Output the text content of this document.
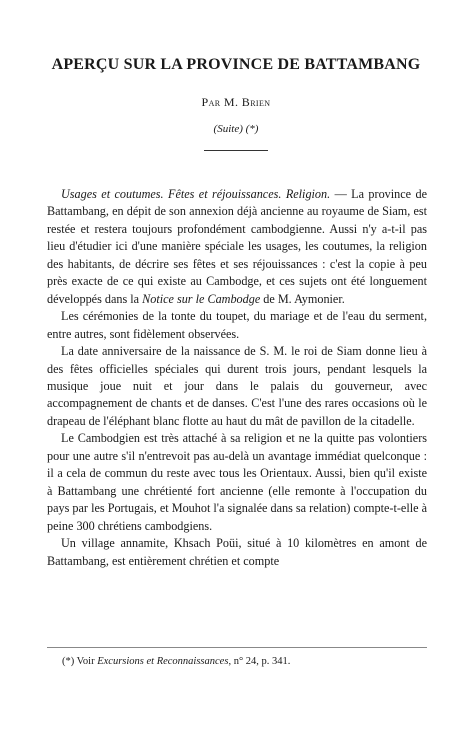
APERÇU SUR LA PROVINCE DE BATTAMBANG
Par M. Brien
(Suite) (*)

Usages et coutumes. Fêtes et réjouissances. Religion. — La province de Battambang, en dépit de son annexion déjà ancienne au royaume de Siam, est restée et restera toujours profondément cambodgienne. Aussi n'y a-t-il pas lieu d'étudier ici d'une manière spéciale les usages, les coutumes, la religion des habitants, de décrire ses fêtes et ses réjouissances : c'est la copie à peu près exacte de ce qui existe au Cambodge, et ces sujets ont été longuement développés dans la Notice sur le Cambodge de M. Aymonier.

Les cérémonies de la tonte du toupet, du mariage et de l'eau du serment, entre autres, sont fidèlement observées.

La date anniversaire de la naissance de S. M. le roi de Siam donne lieu à des fêtes officielles spéciales qui durent trois jours, pendant lesquels la musique joue nuit et jour dans le palais du gouverneur, avec accompagnement de chants et de danses. C'est l'une des rares occasions où le drapeau de l'éléphant blanc flotte au haut du mât de pavillon de la citadelle.

Le Cambodgien est très attaché à sa religion et ne la quitte pas volontiers pour une autre s'il n'entrevoit pas au-delà un avantage immédiat quelconque : il a cela de commun du reste avec tous les Orientaux. Aussi, bien qu'il existe à Battambang une chrétienté fort ancienne (elle remonte à l'occupation du pays par les Portugais, et Mouhot l'a signalée dans sa relation) compte-t-elle à peine 300 chrétiens cambodgiens.

Un village annamite, Khsach Poüi, situé à 10 kilomètres en amont de Battambang, est entièrement chrétien et compte

(*) Voir Excursions et Reconnaissances, n° 24, p. 341.
